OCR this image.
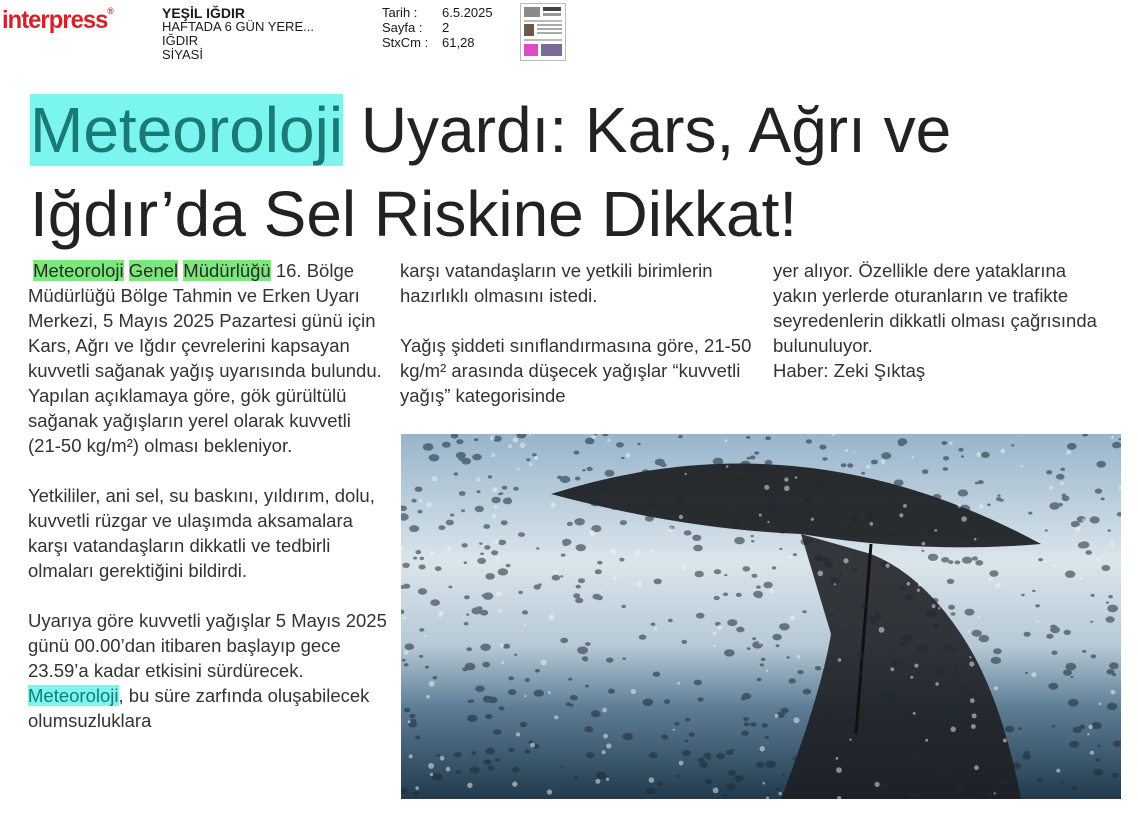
interpress®	YEŞİL IĞDIR
HAFTADA 6 GÜN YERE...
IĞDIR
SİYASİ
Tarih :	6.5.2025
Sayfa :	2
StxCm :	61,28
Meteoroloji Uyardı: Kars, Ağrı ve Iğdır’da Sel Riskine Dikkat!

Meteoroloji Genel Müdürlüğü 16. Bölge Müdürlüğü Bölge Tahmin ve Erken Uyarı Merkezi, 5 Mayıs 2025 Pazartesi günü için Kars, Ağrı ve Iğdır çevrelerini kapsayan kuvvetli sağanak yağış uyarısında bulundu. Yapılan açıklamaya göre, gök gürültülü sağanak yağışların yerel olarak kuvvetli (21-50 kg/m²) olması bekleniyor.

Yetkililer, ani sel, su baskını, yıldırım, dolu, kuvvetli rüzgar ve ulaşımda aksamalara karşı vatandaşların dikkatli ve tedbirli olmaları gerektiğini bildirdi.

Uyarıya göre kuvvetli yağışlar 5 Mayıs 2025 günü 00.00’dan itibaren başlayıp gece 23.59’a kadar etkisini sürdürecek. Meteoroloji, bu süre zarfında oluşabilecek olumsuzluklara

karşı vatandaşların ve yetkili birimlerin hazırlıklı olmasını istedi.

Yağış şiddeti sınıflandırmasına göre, 21-50 kg/m² arasında düşecek yağışlar “kuvvetli yağış” kategorisinde

yer alıyor. Özellikle dere yataklarına yakın yerlerde oturanların ve trafikte seyredenlerin dikkatli olması çağrısında bulunuluyor.

Haber: Zeki Şıktaş
